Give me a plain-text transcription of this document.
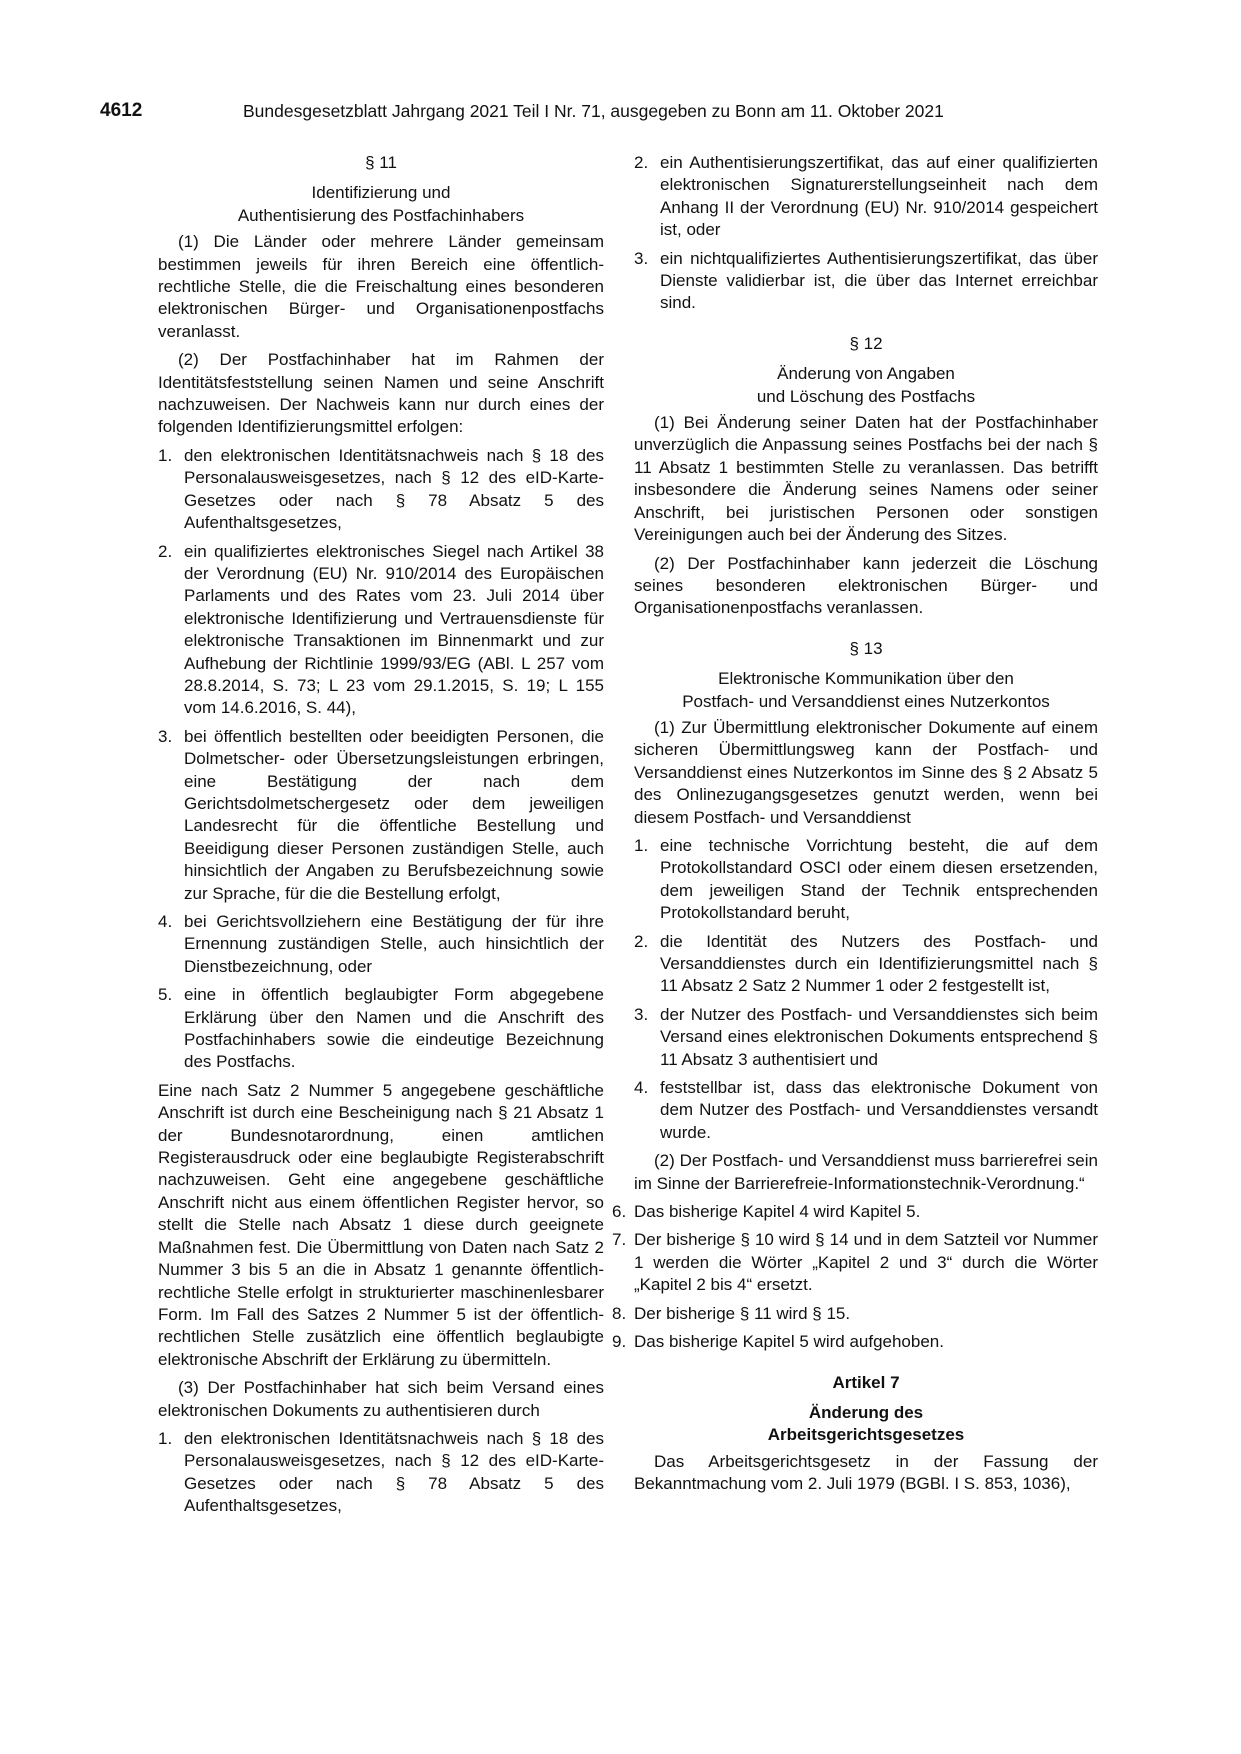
4612	Bundesgesetzblatt Jahrgang 2021 Teil I Nr. 71, ausgegeben zu Bonn am 11. Oktober 2021
§ 11
Identifizierung und
Authentisierung des Postfachinhabers
(1) Die Länder oder mehrere Länder gemeinsam bestimmen jeweils für ihren Bereich eine öffentlich-rechtliche Stelle, die die Freischaltung eines besonderen elektronischen Bürger- und Organisationenpostfachs veranlasst.
(2) Der Postfachinhaber hat im Rahmen der Identitätsfeststellung seinen Namen und seine Anschrift nachzuweisen. Der Nachweis kann nur durch eines der folgenden Identifizierungsmittel erfolgen:
1. den elektronischen Identitätsnachweis nach § 18 des Personalausweisgesetzes, nach § 12 des eID-Karte-Gesetzes oder nach § 78 Absatz 5 des Aufenthaltsgesetzes,
2. ein qualifiziertes elektronisches Siegel nach Artikel 38 der Verordnung (EU) Nr. 910/2014 des Europäischen Parlaments und des Rates vom 23. Juli 2014 über elektronische Identifizierung und Vertrauensdienste für elektronische Transaktionen im Binnenmarkt und zur Aufhebung der Richtlinie 1999/93/EG (ABl. L 257 vom 28.8.2014, S. 73; L 23 vom 29.1.2015, S. 19; L 155 vom 14.6.2016, S. 44),
3. bei öffentlich bestellten oder beeidigten Personen, die Dolmetscher- oder Übersetzungsleistungen erbringen, eine Bestätigung der nach dem Gerichtsdolmetschergesetz oder dem jeweiligen Landesrecht für die öffentliche Bestellung und Beeidigung dieser Personen zuständigen Stelle, auch hinsichtlich der Angaben zu Berufsbezeichnung sowie zur Sprache, für die die Bestellung erfolgt,
4. bei Gerichtsvollziehern eine Bestätigung der für ihre Ernennung zuständigen Stelle, auch hinsichtlich der Dienstbezeichnung, oder
5. eine in öffentlich beglaubigter Form abgegebene Erklärung über den Namen und die Anschrift des Postfachinhabers sowie die eindeutige Bezeichnung des Postfachs.
Eine nach Satz 2 Nummer 5 angegebene geschäftliche Anschrift ist durch eine Bescheinigung nach § 21 Absatz 1 der Bundesnotarordnung, einen amtlichen Registerausdruck oder eine beglaubigte Registerabschrift nachzuweisen. Geht eine angegebene geschäftliche Anschrift nicht aus einem öffentlichen Register hervor, so stellt die Stelle nach Absatz 1 diese durch geeignete Maßnahmen fest. Die Übermittlung von Daten nach Satz 2 Nummer 3 bis 5 an die in Absatz 1 genannte öffentlich-rechtliche Stelle erfolgt in strukturierter maschinenlesbarer Form. Im Fall des Satzes 2 Nummer 5 ist der öffentlich-rechtlichen Stelle zusätzlich eine öffentlich beglaubigte elektronische Abschrift der Erklärung zu übermitteln.
(3) Der Postfachinhaber hat sich beim Versand eines elektronischen Dokuments zu authentisieren durch
1. den elektronischen Identitätsnachweis nach § 18 des Personalausweisgesetzes, nach § 12 des eID-Karte-Gesetzes oder nach § 78 Absatz 5 des Aufenthaltsgesetzes,
2. ein Authentisierungszertifikat, das auf einer qualifizierten elektronischen Signaturerstellungseinheit nach dem Anhang II der Verordnung (EU) Nr. 910/2014 gespeichert ist, oder
3. ein nichtqualifiziertes Authentisierungszertifikat, das über Dienste validierbar ist, die über das Internet erreichbar sind.
§ 12
Änderung von Angaben
und Löschung des Postfachs
(1) Bei Änderung seiner Daten hat der Postfachinhaber unverzüglich die Anpassung seines Postfachs bei der nach § 11 Absatz 1 bestimmten Stelle zu veranlassen. Das betrifft insbesondere die Änderung seines Namens oder seiner Anschrift, bei juristischen Personen oder sonstigen Vereinigungen auch bei der Änderung des Sitzes.
(2) Der Postfachinhaber kann jederzeit die Löschung seines besonderen elektronischen Bürger- und Organisationenpostfachs veranlassen.
§ 13
Elektronische Kommunikation über den
Postfach- und Versanddienst eines Nutzerkontos
(1) Zur Übermittlung elektronischer Dokumente auf einem sicheren Übermittlungsweg kann der Postfach- und Versanddienst eines Nutzerkontos im Sinne des § 2 Absatz 5 des Onlinezugangsgesetzes genutzt werden, wenn bei diesem Postfach- und Versanddienst
1. eine technische Vorrichtung besteht, die auf dem Protokollstandard OSCI oder einem diesen ersetzenden, dem jeweiligen Stand der Technik entsprechenden Protokollstandard beruht,
2. die Identität des Nutzers des Postfach- und Versanddienstes durch ein Identifizierungsmittel nach § 11 Absatz 2 Satz 2 Nummer 1 oder 2 festgestellt ist,
3. der Nutzer des Postfach- und Versanddienstes sich beim Versand eines elektronischen Dokuments entsprechend § 11 Absatz 3 authentisiert und
4. feststellbar ist, dass das elektronische Dokument von dem Nutzer des Postfach- und Versanddienstes versandt wurde.
(2) Der Postfach- und Versanddienst muss barrierefrei sein im Sinne der Barrierefreie-Informationstechnik-Verordnung.“
6. Das bisherige Kapitel 4 wird Kapitel 5.
7. Der bisherige § 10 wird § 14 und in dem Satzteil vor Nummer 1 werden die Wörter „Kapitel 2 und 3“ durch die Wörter „Kapitel 2 bis 4“ ersetzt.
8. Der bisherige § 11 wird § 15.
9. Das bisherige Kapitel 5 wird aufgehoben.
Artikel 7
Änderung des
Arbeitsgerichtsgesetzes
Das Arbeitsgerichtsgesetz in der Fassung der Bekanntmachung vom 2. Juli 1979 (BGBl. I S. 853, 1036),
